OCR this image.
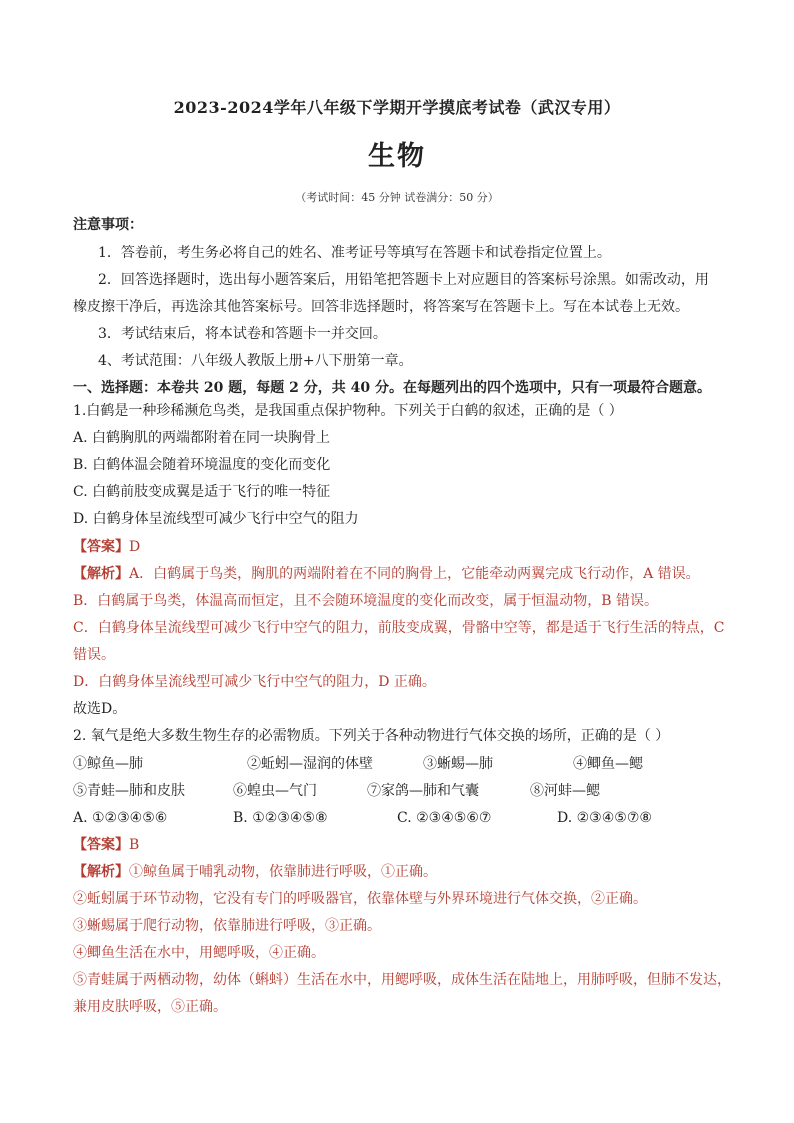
2023-2024学年八年级下学期开学摸底考试卷（武汉专用）
生物
（考试时间：45 分钟 试卷满分：50 分）
注意事项：
1．答卷前，考生务必将自己的姓名、准考证号等填写在答题卡和试卷指定位置上。
2．回答选择题时，选出每小题答案后，用铅笔把答题卡上对应题目的答案标号涂黑。如需改动，用
橡皮擦干净后，再选涂其他答案标号。回答非选择题时，将答案写在答题卡上。写在本试卷上无效。
3．考试结束后，将本试卷和答题卡一并交回。
4、考试范围：八年级人教版上册+八下册第一章。
一、选择题：本卷共 20 题，每题 2 分，共 40 分。在每题列出的四个选项中，只有一项最符合题意。
1.白鹤是一种珍稀濒危鸟类，是我国重点保护物种。下列关于白鹤的叙述，正确的是（ ）
A. 白鹤胸肌的两端都附着在同一块胸骨上
B. 白鹤体温会随着环境温度的变化而变化
C. 白鹤前肢变成翼是适于飞行的唯一特征
D. 白鹤身体呈流线型可减少飞行中空气的阻力
【答案】D
【解析】A．白鹤属于鸟类，胸肌的两端附着在不同的胸骨上，它能牵动两翼完成飞行动作，A 错误。
B．白鹤属于鸟类，体温高而恒定，且不会随环境温度的变化而改变，属于恒温动物，B 错误。
C．白鹤身体呈流线型可减少飞行中空气的阻力，前肢变成翼，骨骼中空等，都是适于飞行生活的特点，C
错误。
D．白鹤身体呈流线型可减少飞行中空气的阻力，D 正确。
故选D。
2. 氧气是绝大多数生物生存的必需物质。下列关于各种动物进行气体交换的场所，正确的是（ ）
①鲸鱼—肺	②蚯蚓—湿润的体壁	③蜥蜴—肺	④鲫鱼—鳃
⑤青蛙—肺和皮肤	⑥蝗虫—气门	⑦家鸽—肺和气囊	⑧河蚌—鳃
A. ①②③④⑤⑥	B. ①②③④⑤⑧	C. ②③④⑤⑥⑦	D. ②③④⑤⑦⑧
【答案】B
【解析】①鲸鱼属于哺乳动物，依靠肺进行呼吸，①正确。
②蚯蚓属于环节动物，它没有专门的呼吸器官，依靠体壁与外界环境进行气体交换，②正确。
③蜥蜴属于爬行动物，依靠肺进行呼吸，③正确。
④鲫鱼生活在水中，用鳃呼吸，④正确。
⑤青蛙属于两栖动物，幼体（蝌蚪）生活在水中，用鳃呼吸，成体生活在陆地上，用肺呼吸，但肺不发达，
兼用皮肤呼吸，⑤正确。
